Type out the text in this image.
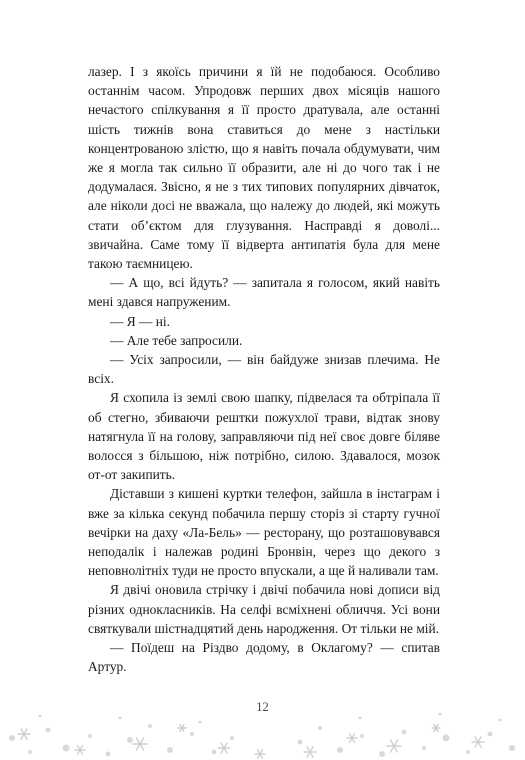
лазер. І з якоїсь причини я їй не подобаюся. Особливо останнім часом. Упродовж перших двох місяців нашого нечастого спілкування я її просто дратувала, але останні шість тижнів вона ставиться до мене з настільки концентрованою злістю, що я навіть почала обдумувати, чим же я могла так сильно її образити, але ні до чого так і не додумалася. Звісно, я не з тих типових популярних дівчаток, але ніколи досі не вважала, що належу до людей, які можуть стати об’єктом для глузування. Насправді я доволі... звичайна. Саме тому її відверта антипатія була для мене такою таємницею.

— А що, всі йдуть? — запитала я голосом, який навіть мені здався напруженим.

— Я — ні.

— Але тебе запросили.

— Усіх запросили, — він байдуже знизав плечима. Не всіх.

Я схопила із землі свою шапку, підвелася та обтріпала її об стегно, збиваючи рештки пожухлої трави, відтак знову натягнула її на голову, заправляючи під неї своє довге біляве волосся з більшою, ніж потрібно, силою. Здавалося, мозок от-от закипить.

Діставши з кишені куртки телефон, зайшла в інстаграм і вже за кілька секунд побачила першу сторіз зі старту гучної вечірки на даху «Ла-Бель» — ресторану, що розташовувався неподалік і належав родині Бронвін, через що декого з неповнолітніх туди не просто впускали, а ще й наливали там.

Я двічі оновила стрічку і двічі побачила нові дописи від різних однокласників. На селфі всміхнені обличчя. Усі вони святкували шістнадцятий день народження. От тільки не мій.

— Поїдеш на Різдво додому, в Оклагому? — спитав Артур.

12
